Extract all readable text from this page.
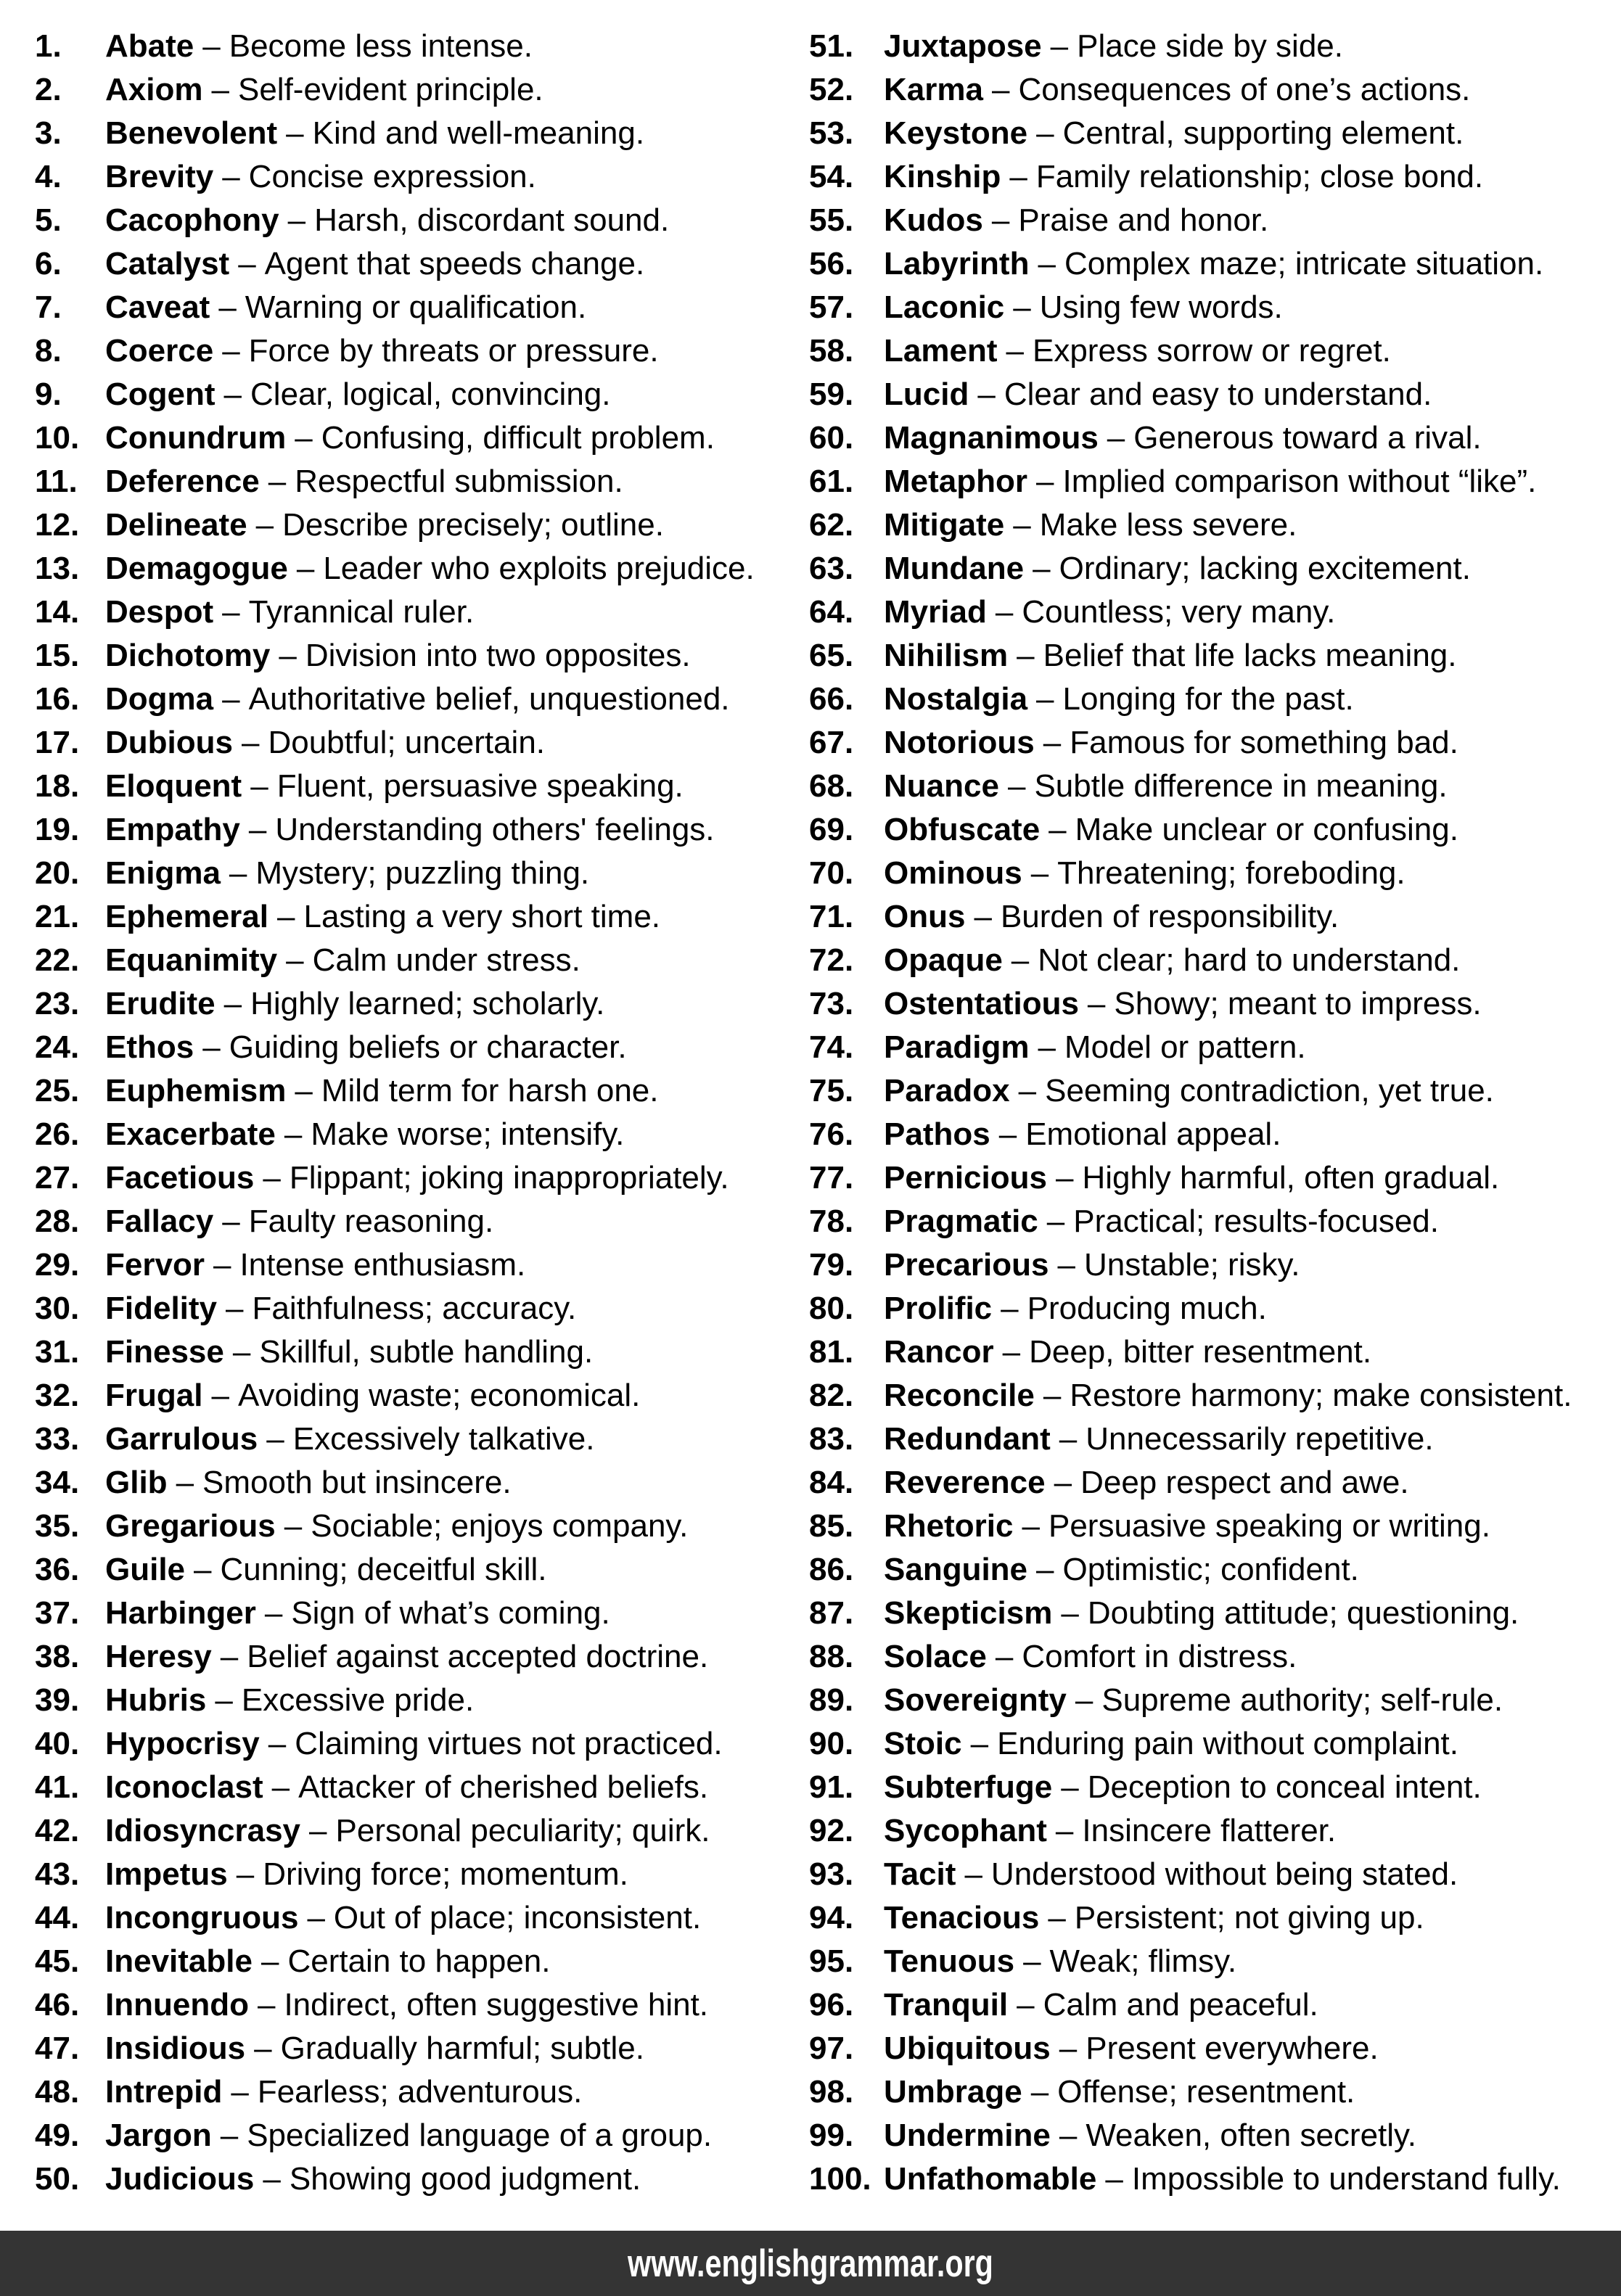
1.	Abate – Become less intense.
2.	Axiom – Self-evident principle.
3.	Benevolent – Kind and well-meaning.
4.	Brevity – Concise expression.
5.	Cacophony – Harsh, discordant sound.
6.	Catalyst – Agent that speeds change.
7.	Caveat – Warning or qualification.
8.	Coerce – Force by threats or pressure.
9.	Cogent – Clear, logical, convincing.
10. Conundrum – Confusing, difficult problem.
11. Deference – Respectful submission.
12. Delineate – Describe precisely; outline.
13. Demagogue – Leader who exploits prejudice.
14. Despot – Tyrannical ruler.
15. Dichotomy – Division into two opposites.
16. Dogma – Authoritative belief, unquestioned.
17. Dubious – Doubtful; uncertain.
18. Eloquent – Fluent, persuasive speaking.
19. Empathy – Understanding others' feelings.
20. Enigma – Mystery; puzzling thing.
21. Ephemeral – Lasting a very short time.
22. Equanimity – Calm under stress.
23. Erudite – Highly learned; scholarly.
24. Ethos – Guiding beliefs or character.
25. Euphemism – Mild term for harsh one.
26. Exacerbate – Make worse; intensify.
27. Facetious – Flippant; joking inappropriately.
28. Fallacy – Faulty reasoning.
29. Fervor – Intense enthusiasm.
30. Fidelity – Faithfulness; accuracy.
31. Finesse – Skillful, subtle handling.
32. Frugal – Avoiding waste; economical.
33. Garrulous – Excessively talkative.
34. Glib – Smooth but insincere.
35. Gregarious – Sociable; enjoys company.
36. Guile – Cunning; deceitful skill.
37. Harbinger – Sign of what’s coming.
38. Heresy – Belief against accepted doctrine.
39. Hubris – Excessive pride.
40. Hypocrisy – Claiming virtues not practiced.
41. Iconoclast – Attacker of cherished beliefs.
42. Idiosyncrasy – Personal peculiarity; quirk.
43. Impetus – Driving force; momentum.
44. Incongruous – Out of place; inconsistent.
45. Inevitable – Certain to happen.
46. Innuendo – Indirect, often suggestive hint.
47. Insidious – Gradually harmful; subtle.
48. Intrepid – Fearless; adventurous.
49. Jargon – Specialized language of a group.
50. Judicious – Showing good judgment.
51. Juxtapose – Place side by side.
52. Karma – Consequences of one’s actions.
53. Keystone – Central, supporting element.
54. Kinship – Family relationship; close bond.
55. Kudos – Praise and honor.
56. Labyrinth – Complex maze; intricate situation.
57. Laconic – Using few words.
58. Lament – Express sorrow or regret.
59. Lucid – Clear and easy to understand.
60. Magnanimous – Generous toward a rival.
61. Metaphor – Implied comparison without “like”.
62. Mitigate – Make less severe.
63. Mundane – Ordinary; lacking excitement.
64. Myriad – Countless; very many.
65. Nihilism – Belief that life lacks meaning.
66. Nostalgia – Longing for the past.
67. Notorious – Famous for something bad.
68. Nuance – Subtle difference in meaning.
69. Obfuscate – Make unclear or confusing.
70. Ominous – Threatening; foreboding.
71. Onus – Burden of responsibility.
72. Opaque – Not clear; hard to understand.
73. Ostentatious – Showy; meant to impress.
74. Paradigm – Model or pattern.
75. Paradox – Seeming contradiction, yet true.
76. Pathos – Emotional appeal.
77. Pernicious – Highly harmful, often gradual.
78. Pragmatic – Practical; results-focused.
79. Precarious – Unstable; risky.
80. Prolific – Producing much.
81. Rancor – Deep, bitter resentment.
82. Reconcile – Restore harmony; make consistent.
83. Redundant – Unnecessarily repetitive.
84. Reverence – Deep respect and awe.
85. Rhetoric – Persuasive speaking or writing.
86. Sanguine – Optimistic; confident.
87. Skepticism – Doubting attitude; questioning.
88. Solace – Comfort in distress.
89. Sovereignty – Supreme authority; self-rule.
90. Stoic – Enduring pain without complaint.
91. Subterfuge – Deception to conceal intent.
92. Sycophant – Insincere flatterer.
93. Tacit – Understood without being stated.
94. Tenacious – Persistent; not giving up.
95. Tenuous – Weak; flimsy.
96. Tranquil – Calm and peaceful.
97. Ubiquitous – Present everywhere.
98. Umbrage – Offense; resentment.
99. Undermine – Weaken, often secretly.
100. Unfathomable – Impossible to understand fully.
www.englishgrammar.org
